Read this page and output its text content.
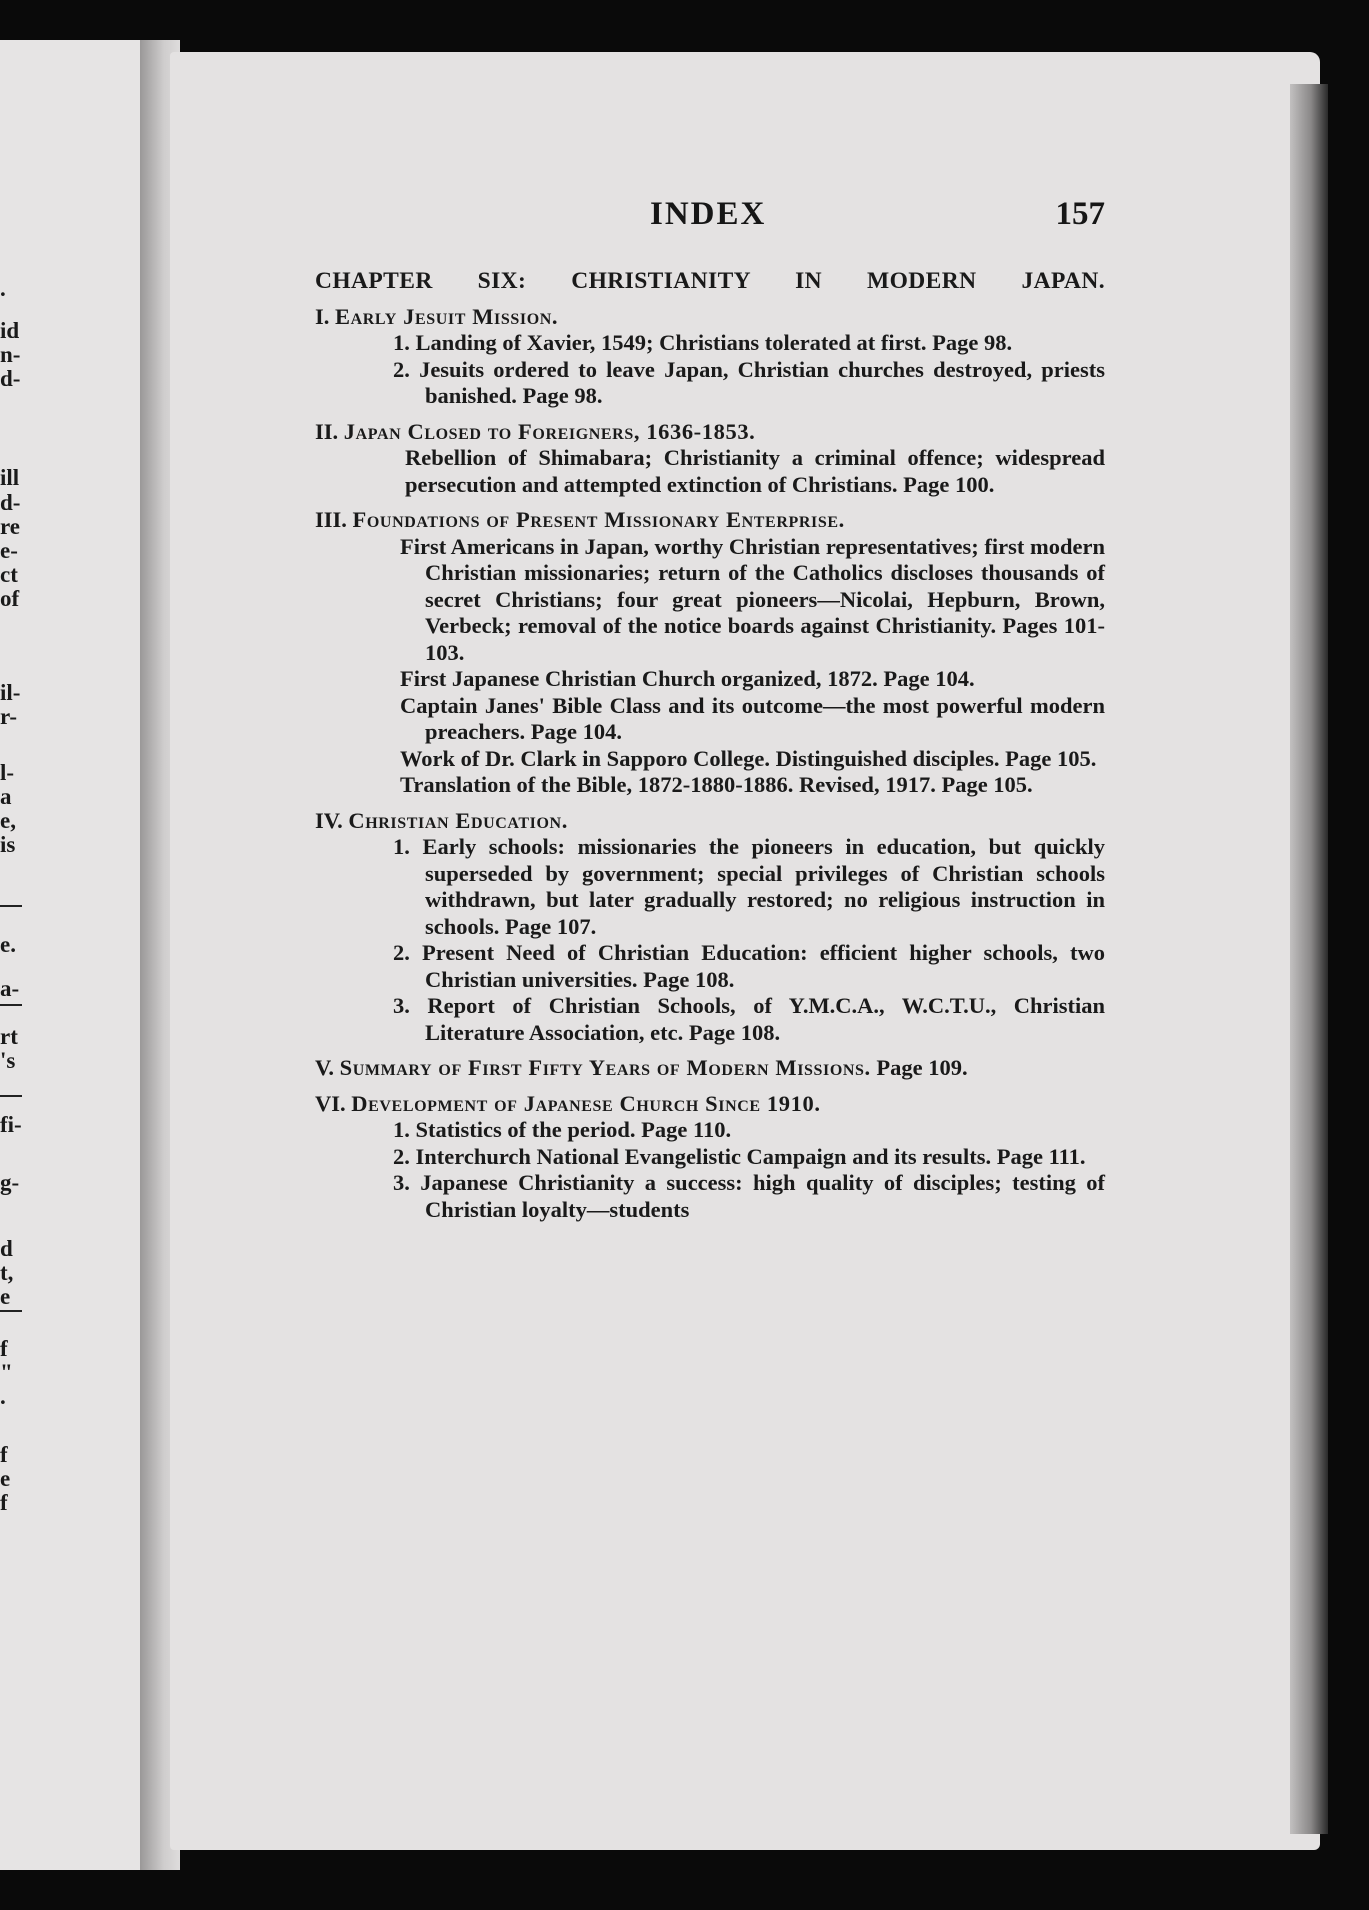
.
id
n-
d-
ill
d-
re
e-
ct
of
il-
r-
l-
a
e,
is
e.
a-
rt
's
fi-
g-
d
t,
e
f
"
.
f
e
f
INDEX	157
CHAPTER SIX: CHRISTIANITY IN MODERN JAPAN.
I. Early Jesuit Mission.
1. Landing of Xavier, 1549; Christians tolerated at first. Page 98.
2. Jesuits ordered to leave Japan, Christian churches destroyed, priests banished. Page 98.
II. Japan Closed to Foreigners, 1636-1853.
Rebellion of Shimabara; Christianity a criminal offence; widespread persecution and attempted extinction of Christians. Page 100.
III. Foundations of Present Missionary Enterprise.
First Americans in Japan, worthy Christian representatives; first modern Christian missionaries; return of the Catholics discloses thousands of secret Christians; four great pioneers—Nicolai, Hepburn, Brown, Verbeck; removal of the notice boards against Christianity. Pages 101-103.
First Japanese Christian Church organized, 1872. Page 104.
Captain Janes' Bible Class and its outcome—the most powerful modern preachers. Page 104.
Work of Dr. Clark in Sapporo College. Distinguished disciples. Page 105.
Translation of the Bible, 1872-1880-1886. Revised, 1917. Page 105.
IV. Christian Education.
1. Early schools: missionaries the pioneers in education, but quickly superseded by government; special privileges of Christian schools withdrawn, but later gradually restored; no religious instruction in schools. Page 107.
2. Present Need of Christian Education: efficient higher schools, two Christian universities. Page 108.
3. Report of Christian Schools, of Y.M.C.A., W.C.T.U., Christian Literature Association, etc. Page 108.
V. Summary of First Fifty Years of Modern Missions. Page 109.
VI. Development of Japanese Church Since 1910.
1. Statistics of the period. Page 110.
2. Interchurch National Evangelistic Campaign and its results. Page 111.
3. Japanese Christianity a success: high quality of disciples; testing of Christian loyalty—students
